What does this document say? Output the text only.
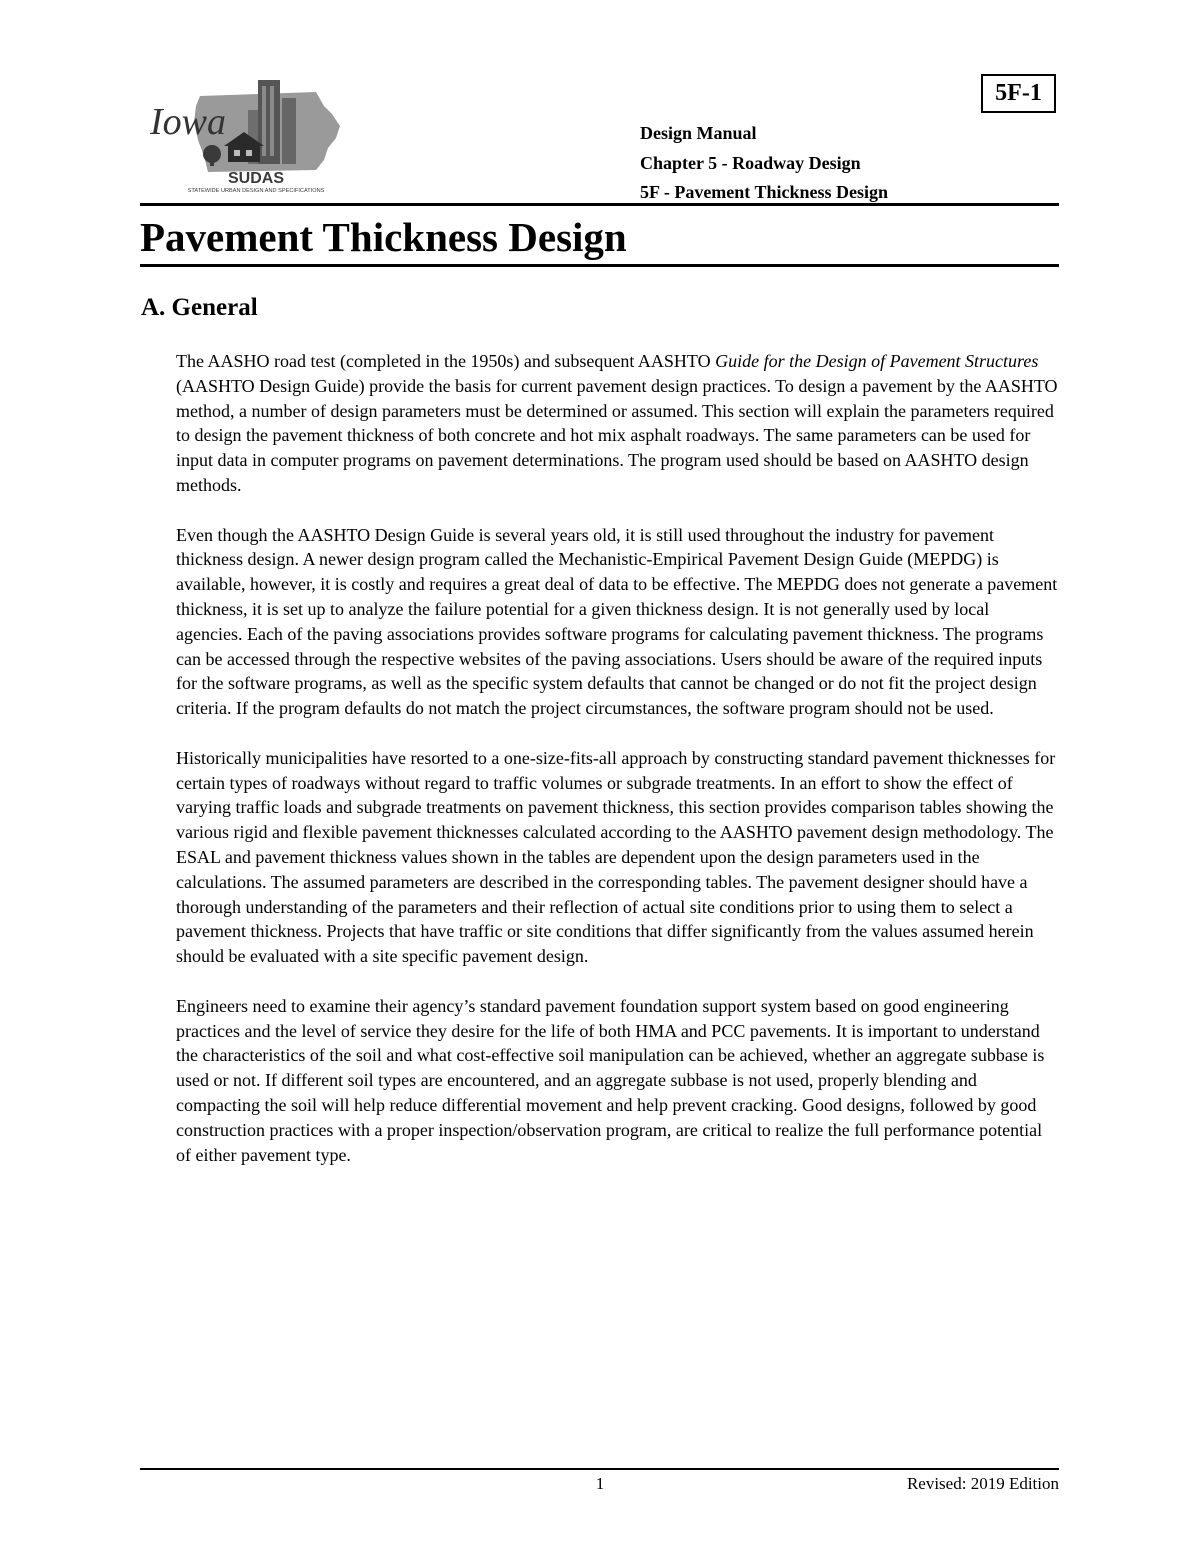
Iowa
SUDAS
STATEWIDE URBAN DESIGN AND SPECIFICATIONS
5F-1
Design Manual
Chapter 5 - Roadway Design
5F - Pavement Thickness Design
Pavement Thickness Design
A. General

The AASHO road test (completed in the 1950s) and subsequent AASHTO Guide for the Design of Pavement Structures (AASHTO Design Guide) provide the basis for current pavement design practices. To design a pavement by the AASHTO method, a number of design parameters must be determined or assumed. This section will explain the parameters required to design the pavement thickness of both concrete and hot mix asphalt roadways. The same parameters can be used for input data in computer programs on pavement determinations. The program used should be based on AASHTO design methods.

Even though the AASHTO Design Guide is several years old, it is still used throughout the industry for pavement thickness design. A newer design program called the Mechanistic-Empirical Pavement Design Guide (MEPDG) is available, however, it is costly and requires a great deal of data to be effective. The MEPDG does not generate a pavement thickness, it is set up to analyze the failure potential for a given thickness design. It is not generally used by local agencies. Each of the paving associations provides software programs for calculating pavement thickness. The programs can be accessed through the respective websites of the paving associations. Users should be aware of the required inputs for the software programs, as well as the specific system defaults that cannot be changed or do not fit the project design criteria. If the program defaults do not match the project circumstances, the software program should not be used.

Historically municipalities have resorted to a one-size-fits-all approach by constructing standard pavement thicknesses for certain types of roadways without regard to traffic volumes or subgrade treatments. In an effort to show the effect of varying traffic loads and subgrade treatments on pavement thickness, this section provides comparison tables showing the various rigid and flexible pavement thicknesses calculated according to the AASHTO pavement design methodology. The ESAL and pavement thickness values shown in the tables are dependent upon the design parameters used in the calculations. The assumed parameters are described in the corresponding tables. The pavement designer should have a thorough understanding of the parameters and their reflection of actual site conditions prior to using them to select a pavement thickness. Projects that have traffic or site conditions that differ significantly from the values assumed herein should be evaluated with a site specific pavement design.

Engineers need to examine their agency’s standard pavement foundation support system based on good engineering practices and the level of service they desire for the life of both HMA and PCC pavements. It is important to understand the characteristics of the soil and what cost-effective soil manipulation can be achieved, whether an aggregate subbase is used or not. If different soil types are encountered, and an aggregate subbase is not used, properly blending and compacting the soil will help reduce differential movement and help prevent cracking. Good designs, followed by good construction practices with a proper inspection/observation program, are critical to realize the full performance potential of either pavement type.

1	Revised: 2019 Edition
